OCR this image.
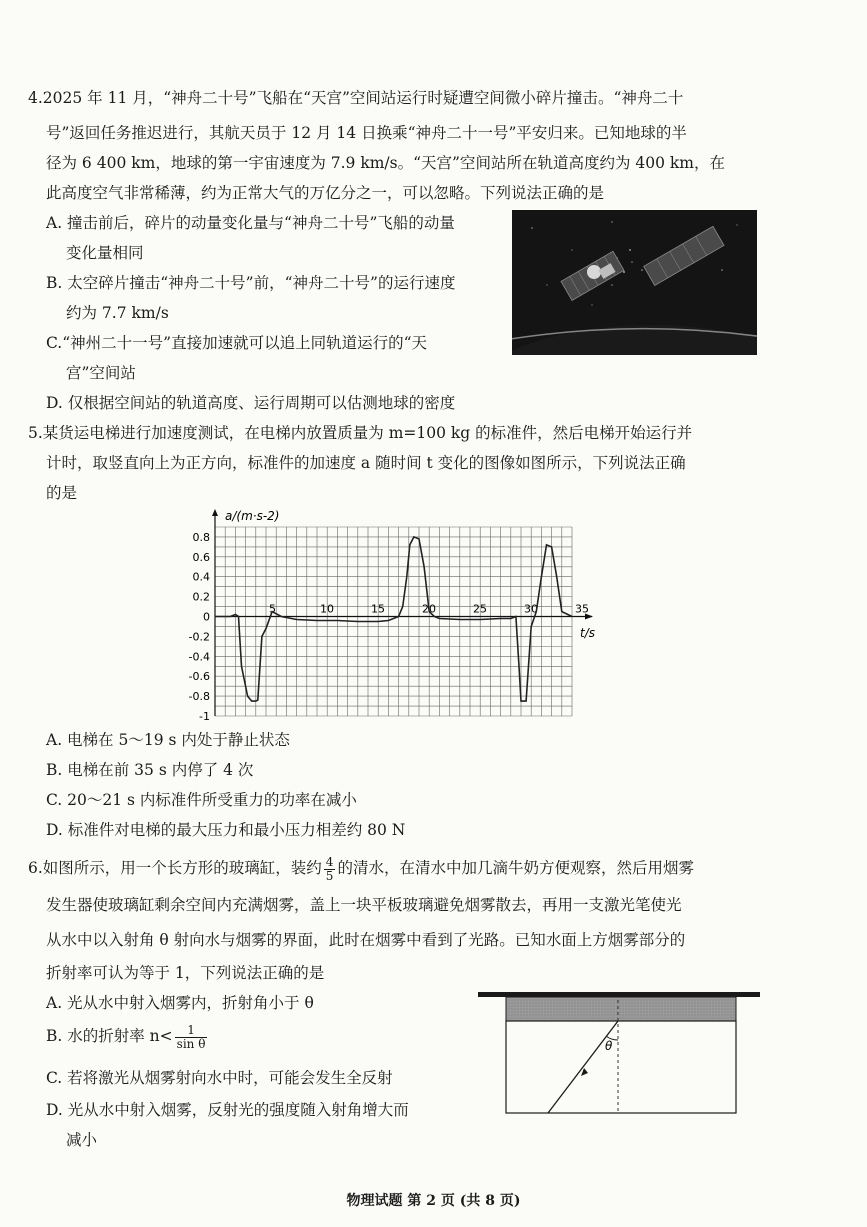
4.2025 年 11 月，“神舟二十号”飞船在“天宫”空间站运行时疑遭空间微小碎片撞击。“神舟二十
号”返回任务推迟进行，其航天员于 12 月 14 日换乘“神舟二十一号”平安归来。已知地球的半
径为 6 400 km，地球的第一宇宙速度为 7.9 km/s。“天宫”空间站所在轨道高度约为 400 km，在
此高度空气非常稀薄，约为正常大气的万亿分之一，可以忽略。下列说法正确的是
A. 撞击前后，碎片的动量变化量与“神舟二十号”飞船的动量
变化量相同
B. 太空碎片撞击“神舟二十号”前，“神舟二十号”的运行速度
约为 7.7 km/s
C.“神州二十一号”直接加速就可以追上同轨道运行的“天
宫”空间站
D. 仅根据空间站的轨道高度、运行周期可以估测地球的密度
5.某货运电梯进行加速度测试，在电梯内放置质量为 m=100 kg 的标准件，然后电梯开始运行并
计时，取竖直向上为正方向，标准件的加速度 a 随时间 t 变化的图像如图所示，下列说法正确
的是
0.8
0.6
0.4
0.2
0
-0.2
-0.4
-0.6
-0.8
-1
5	10	15	20	25	30	35
a/(m·s-2)
t/s
A. 电梯在 5～19 s 内处于静止状态
B. 电梯在前 35 s 内停了 4 次
C. 20～21 s 内标准件所受重力的功率在减小
D. 标准件对电梯的最大压力和最小压力相差约 80 N
6.如图所示，用一个长方形的玻璃缸，装约 $\frac{4}{5}$ 的清水，在清水中加几滴牛奶方便观察，然后用烟雾
发生器使玻璃缸剩余空间内充满烟雾，盖上一块平板玻璃避免烟雾散去，再用一支激光笔使光
从水中以入射角 θ 射向水与烟雾的界面，此时在烟雾中看到了光路。已知水面上方烟雾部分的
折射率可认为等于 1，下列说法正确的是
A. 光从水中射入烟雾内，折射角小于 θ
B. 水的折射率 $n< \frac{1}{\text{sin θ}}$
C. 若将激光从烟雾射向水中时，可能会发生全反射
D. 光从水中射入烟雾，反射光的强度随入射角增大而
减小
θ
物理试题 第 2 页 (共 8 页)
